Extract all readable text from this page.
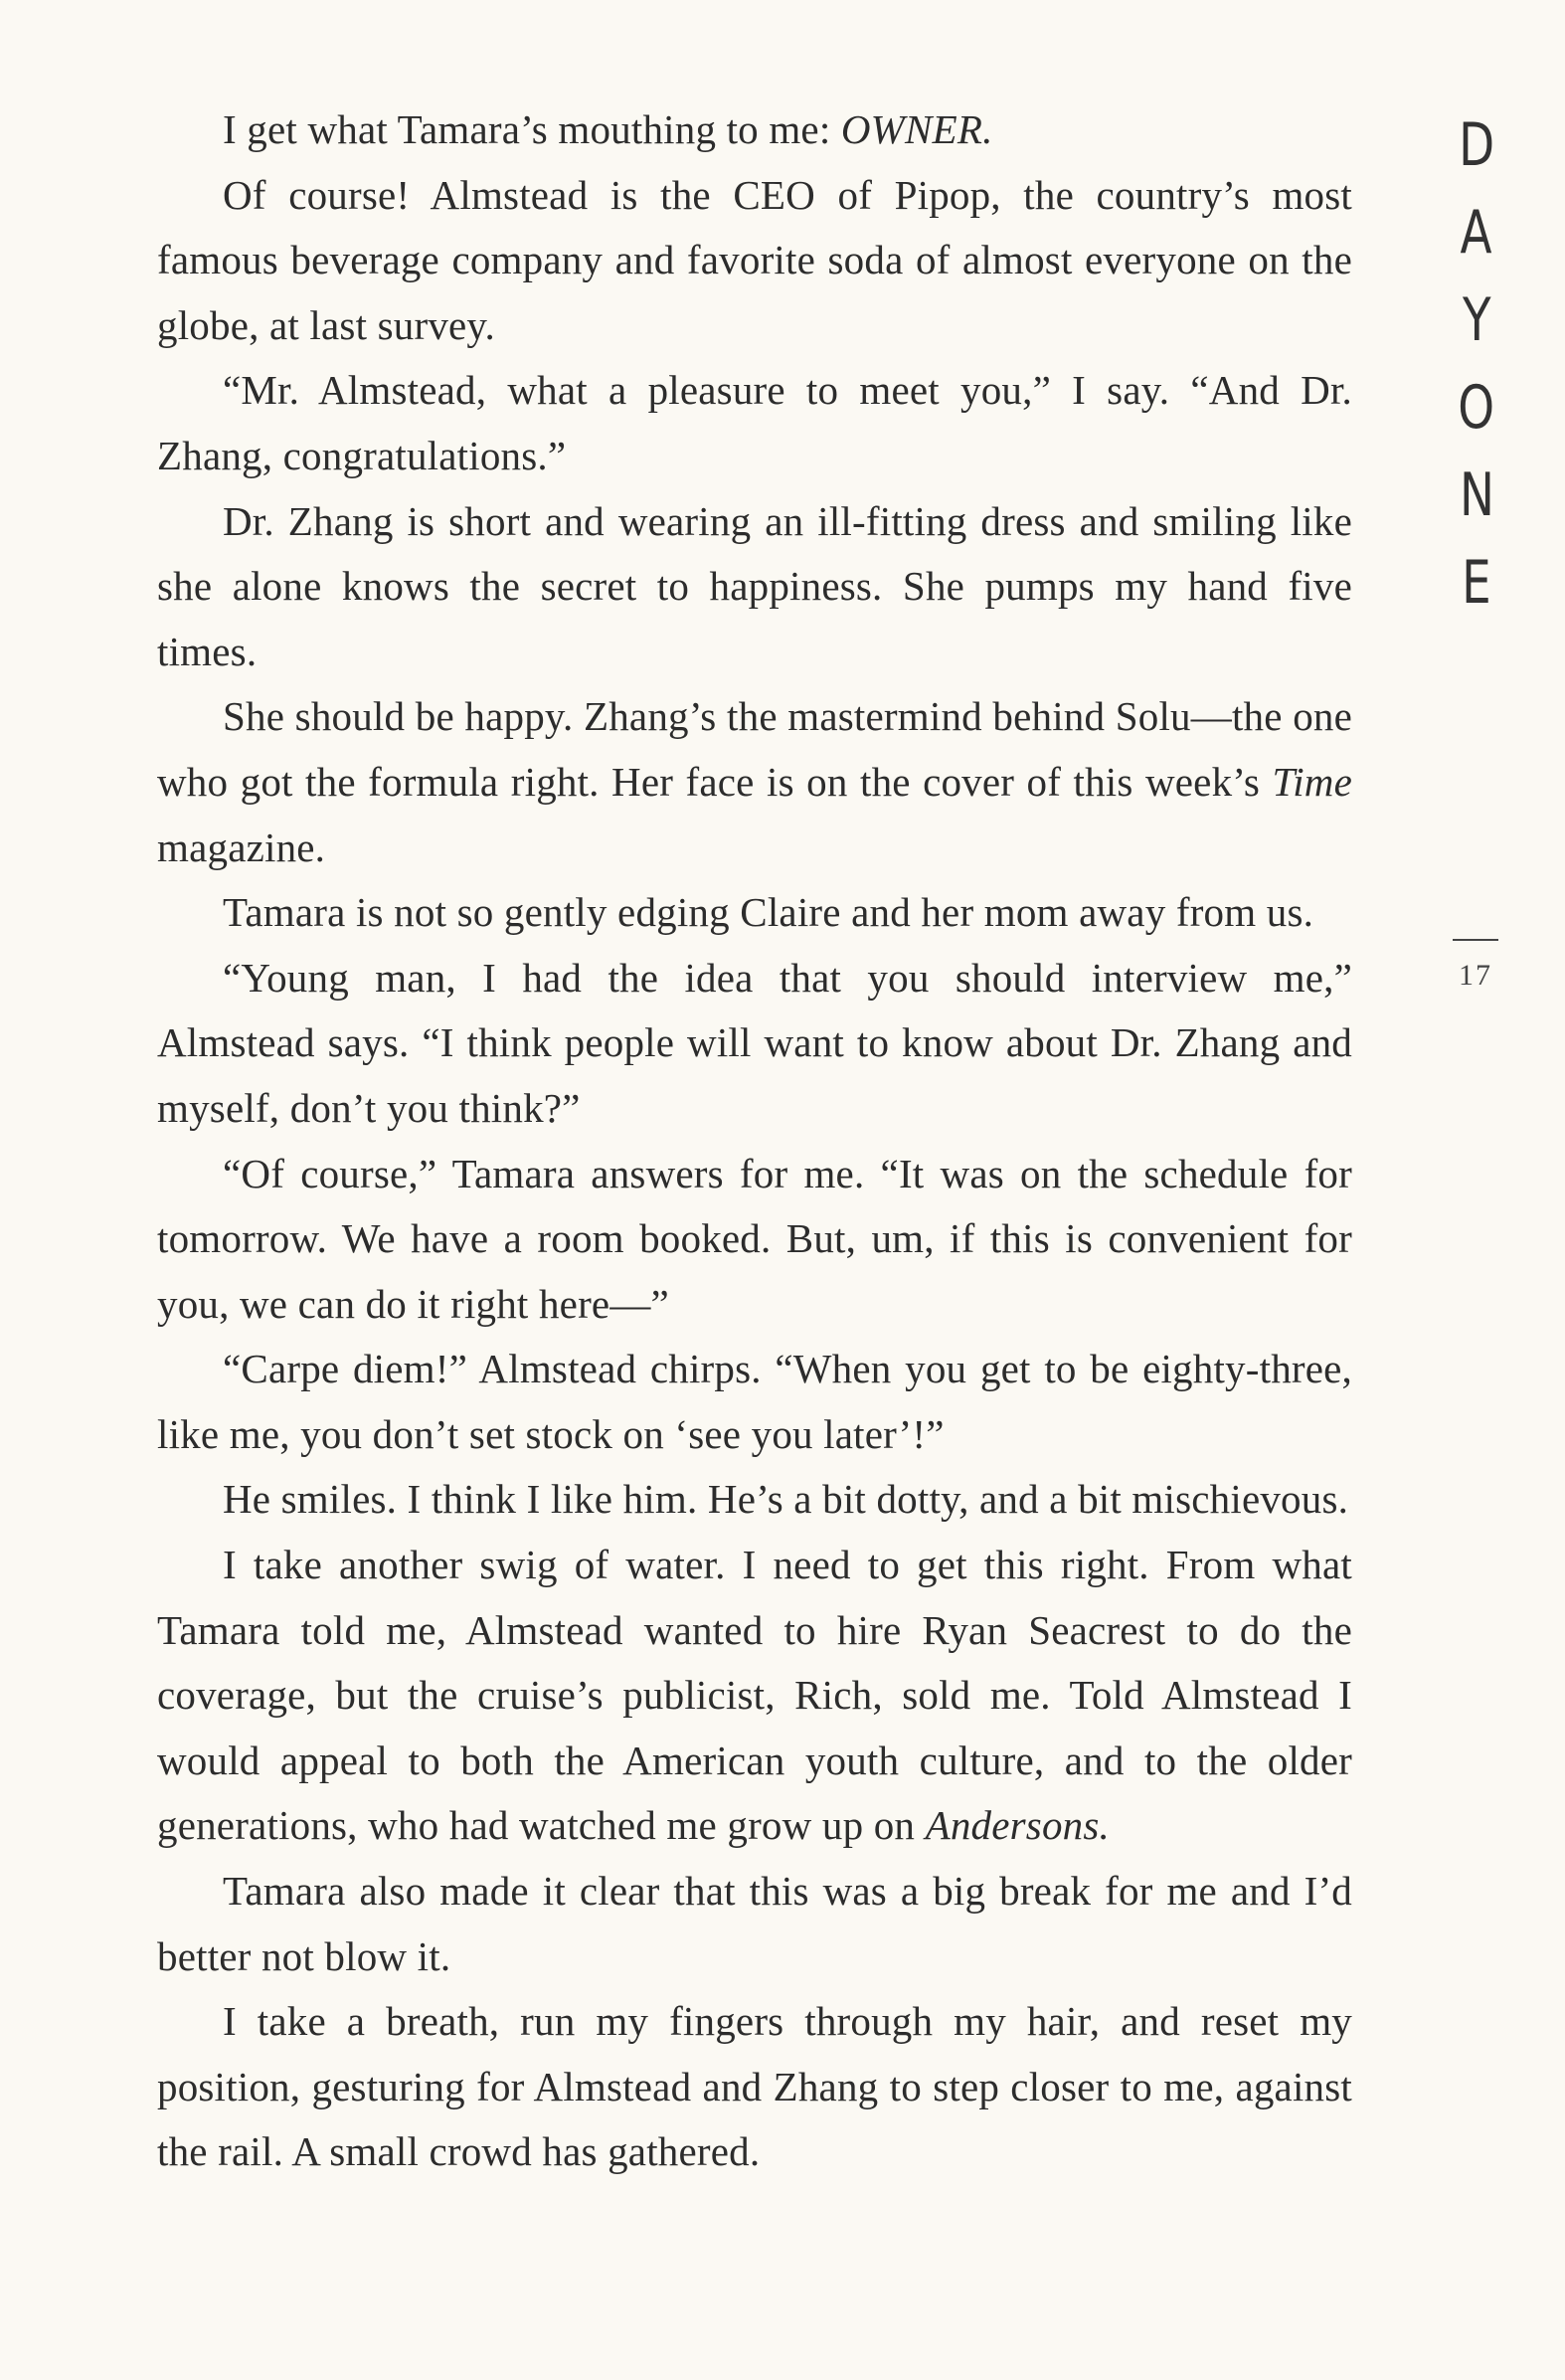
I get what Tamara’s mouthing to me: OWNER.

Of course! Almstead is the CEO of Pipop, the country’s most famous beverage company and favorite soda of almost everyone on the globe, at last survey.

“Mr. Almstead, what a pleasure to meet you,” I say. “And Dr. Zhang, congratulations.”

Dr. Zhang is short and wearing an ill-fitting dress and smiling like she alone knows the secret to happiness. She pumps my hand five times.

She should be happy. Zhang’s the mastermind behind Solu—the one who got the formula right. Her face is on the cover of this week’s Time magazine.

Tamara is not so gently edging Claire and her mom away from us.

“Young man, I had the idea that you should interview me,” Almstead says. “I think people will want to know about Dr. Zhang and myself, don’t you think?”

“Of course,” Tamara answers for me. “It was on the schedule for tomorrow. We have a room booked. But, um, if this is convenient for you, we can do it right here—”

“Carpe diem!” Almstead chirps. “When you get to be eighty-three, like me, you don’t set stock on ‘see you later’!”

He smiles. I think I like him. He’s a bit dotty, and a bit mischievous.

I take another swig of water. I need to get this right. From what Tamara told me, Almstead wanted to hire Ryan Seacrest to do the coverage, but the cruise’s publicist, Rich, sold me. Told Almstead I would appeal to both the American youth culture, and to the older generations, who had watched me grow up on Andersons.

Tamara also made it clear that this was a big break for me and I’d better not blow it.

I take a breath, run my fingers through my hair, and reset my position, gesturing for Almstead and Zhang to step closer to me, against the rail. A small crowd has gathered.

D
A
Y
O
N
E
17
